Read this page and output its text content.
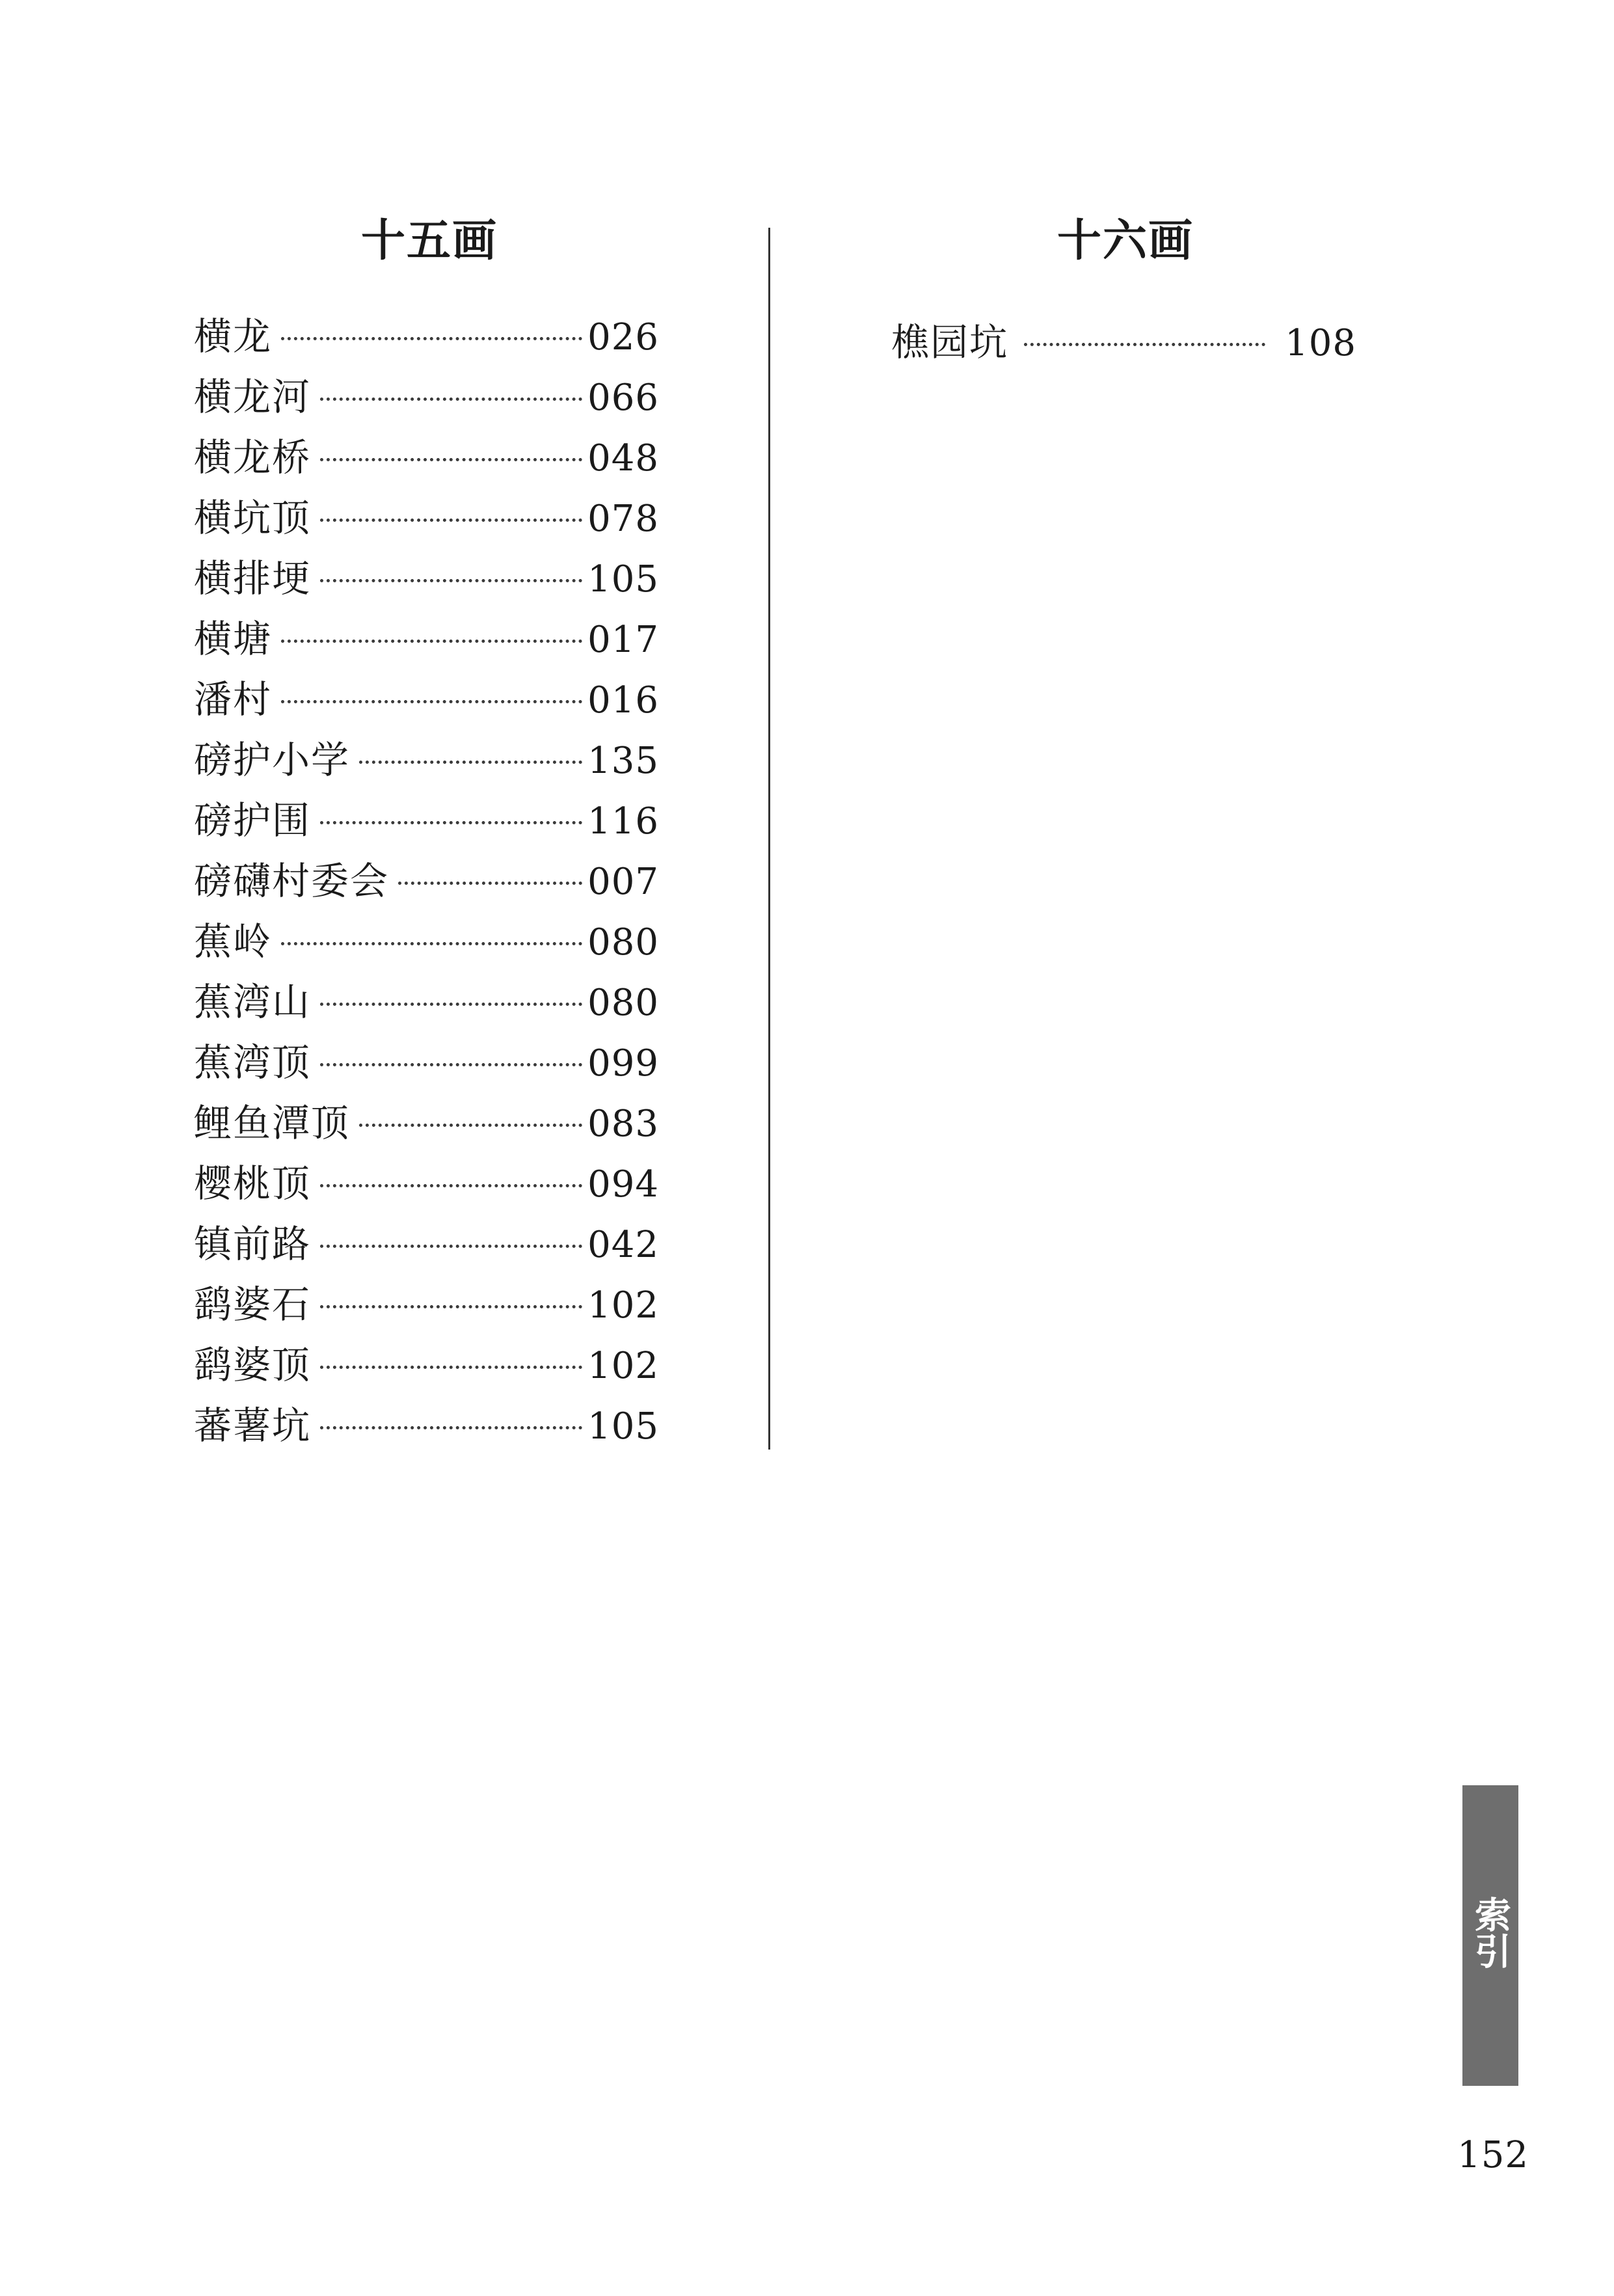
十五画	十六画
横龙	026
横龙河	066
横龙桥	048
横坑顶	078
横排埂	105
横塘	017
潘村	016
磅护小学	135
磅护围	116
磅礴村委会	007
蕉岭	080
蕉湾山	080
蕉湾顶	099
鲤鱼潭顶	083
樱桃顶	094
镇前路	042
鹞婆石	102
鹞婆顶	102
蕃薯坑	105
樵园坑	108
索引
152
